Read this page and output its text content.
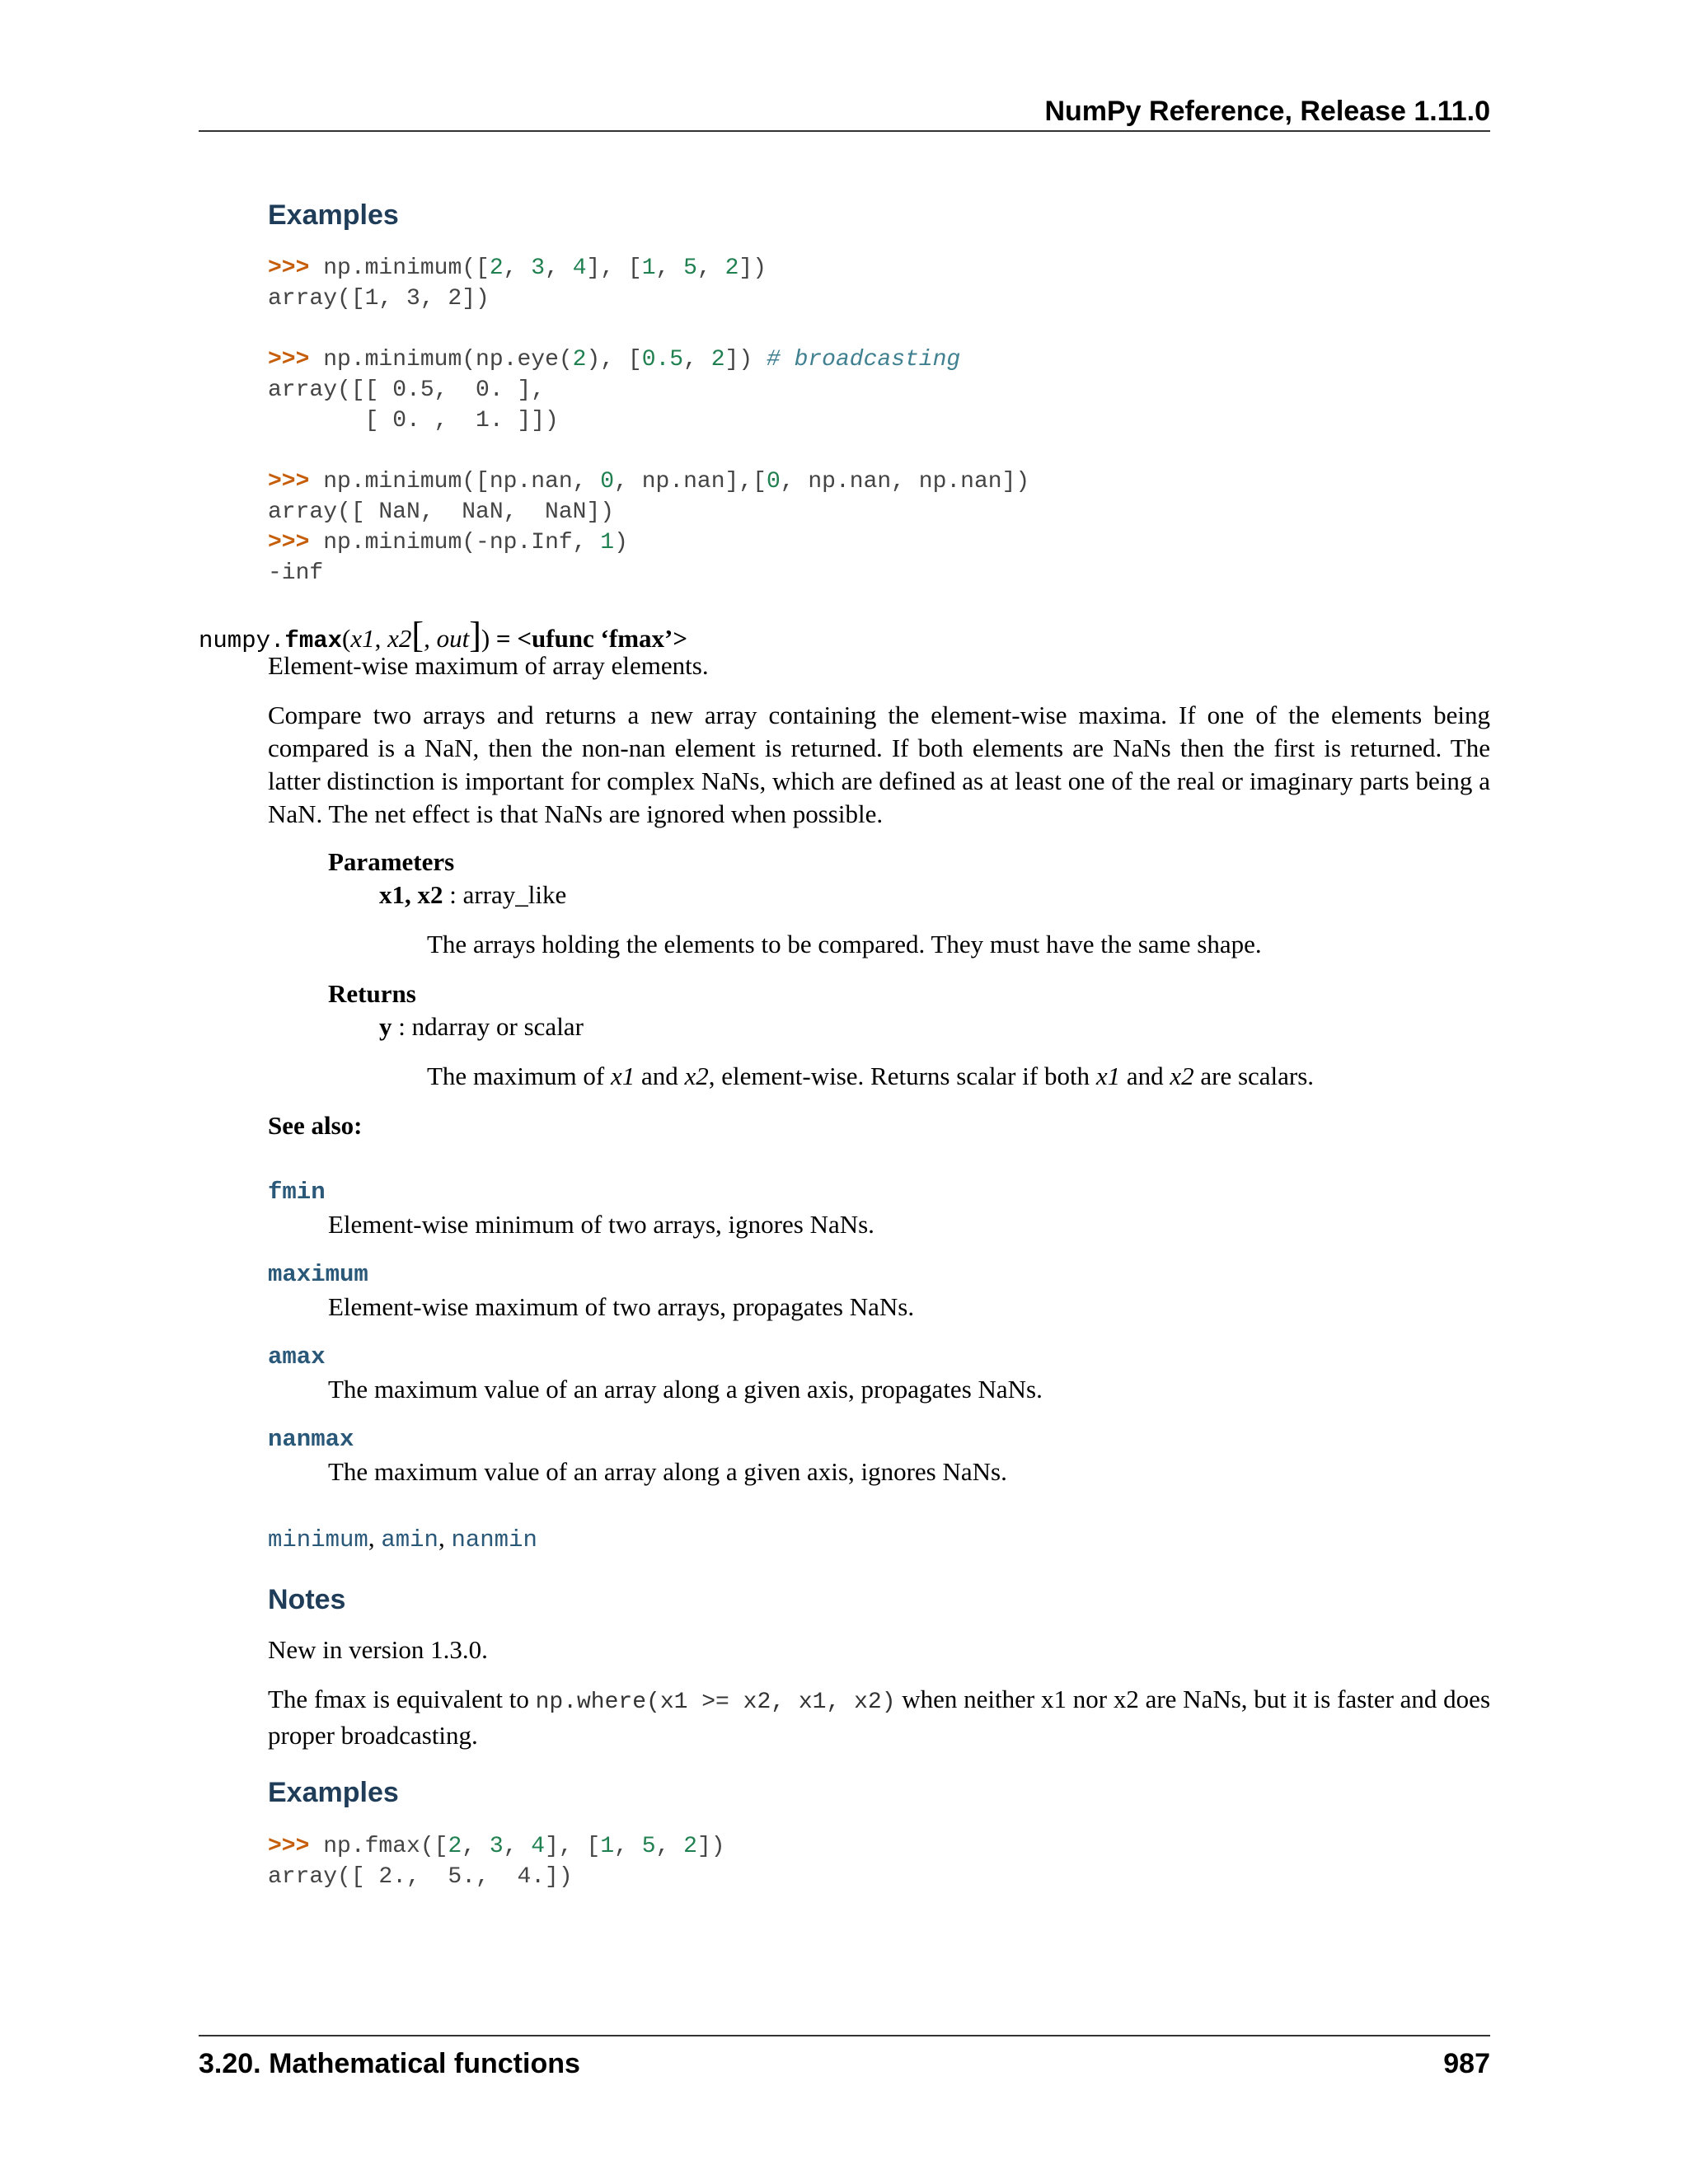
NumPy Reference, Release 1.11.0
Examples
>>> np.minimum([2, 3, 4], [1, 5, 2])
array([1, 3, 2])

>>> np.minimum(np.eye(2), [0.5, 2]) # broadcasting
array([[ 0.5,  0. ],
[ 0. ,  1. ]])

>>> np.minimum([np.nan, 0, np.nan],[0, np.nan, np.nan])
array([ NaN,  NaN,  NaN])
>>> np.minimum(-np.Inf, 1)
-inf
numpy.fmax(x1, x2[, out]) = <ufunc ‘fmax’>
Element-wise maximum of array elements.
Compare two arrays and returns a new array containing the element-wise maxima. If one of the elements being compared is a NaN, then the non-nan element is returned. If both elements are NaNs then the first is returned. The latter distinction is important for complex NaNs, which are defined as at least one of the real or imaginary parts being a NaN. The net effect is that NaNs are ignored when possible.
Parameters
x1, x2 : array_like
The arrays holding the elements to be compared. They must have the same shape.
Returns
y : ndarray or scalar
The maximum of x1 and x2, element-wise. Returns scalar if both x1 and x2 are scalars.
See also:
fmin
Element-wise minimum of two arrays, ignores NaNs.
maximum
Element-wise maximum of two arrays, propagates NaNs.
amax
The maximum value of an array along a given axis, propagates NaNs.
nanmax
The maximum value of an array along a given axis, ignores NaNs.
minimum, amin, nanmin
Notes
New in version 1.3.0.
The fmax is equivalent to np.where(x1 >= x2, x1, x2) when neither x1 nor x2 are NaNs, but it is faster and does proper broadcasting.
Examples
>>> np.fmax([2, 3, 4], [1, 5, 2])
array([ 2.,  5.,  4.])
3.20. Mathematical functions	987
